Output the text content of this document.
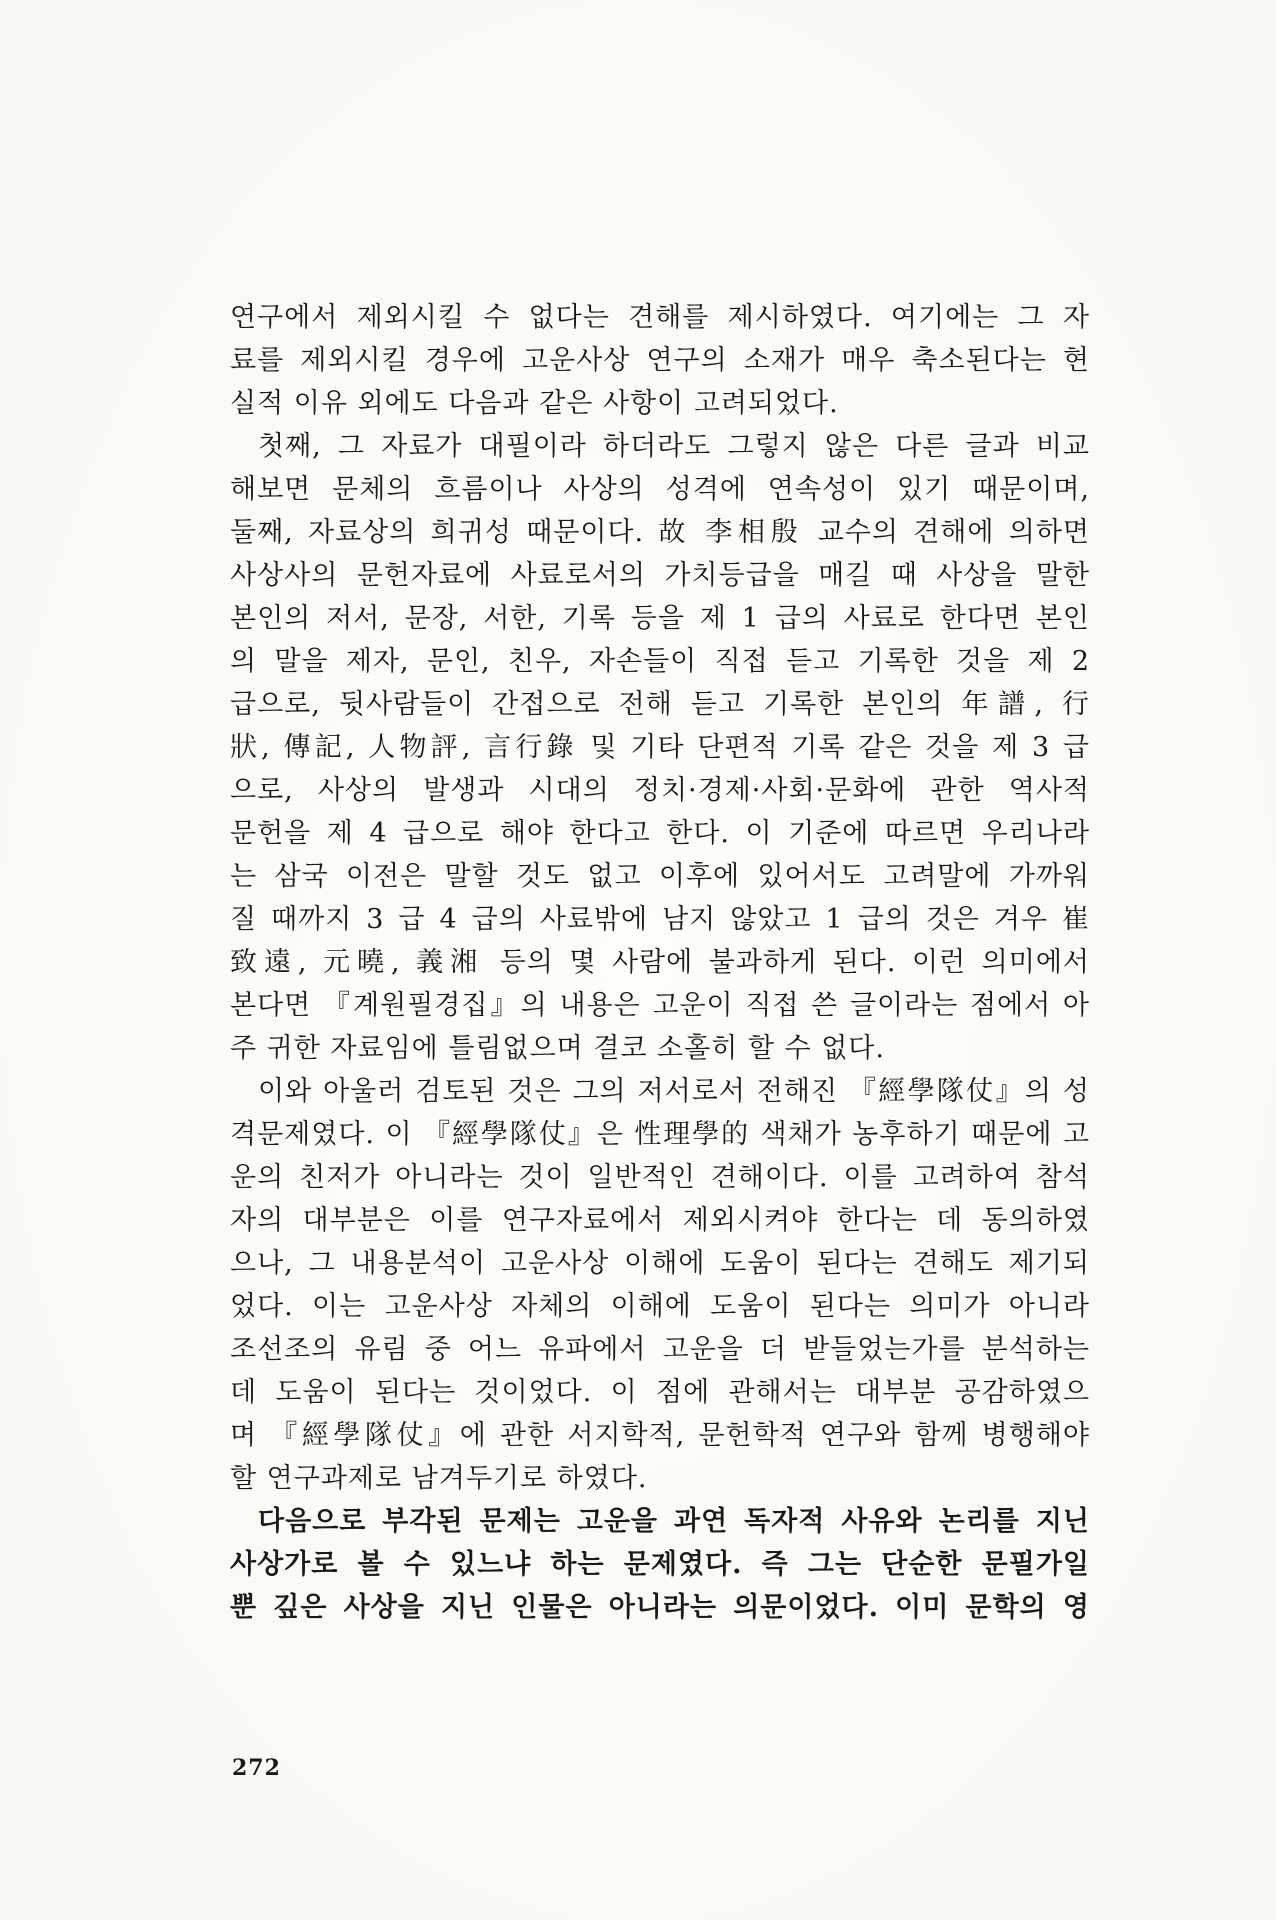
연구에서 제외시킬 수 없다는 견해를 제시하였다. 여기에는 그 자
료를 제외시킬 경우에 고운사상 연구의 소재가 매우 축소된다는 현
실적 이유 외에도 다음과 같은 사항이 고려되었다.
첫째, 그 자료가 대필이라 하더라도 그렇지 않은 다른 글과 비교
해보면 문체의 흐름이나 사상의 성격에 연속성이 있기 때문이며,
둘째, 자료상의 희귀성 때문이다. 故 李相殷 교수의 견해에 의하면
사상사의 문헌자료에 사료로서의 가치등급을 매길 때 사상을 말한
본인의 저서, 문장, 서한, 기록 등을 제 1 급의 사료로 한다면 본인
의 말을 제자, 문인, 친우, 자손들이 직접 듣고 기록한 것을 제 2
급으로, 뒷사람들이 간접으로 전해 듣고 기록한 본인의 年譜, 行
狀, 傳記, 人物評, 言行錄 및 기타 단편적 기록 같은 것을 제 3 급
으로, 사상의 발생과 시대의 정치·경제·사회·문화에 관한 역사적
문헌을 제 4 급으로 해야 한다고 한다. 이 기준에 따르면 우리나라
는 삼국 이전은 말할 것도 없고 이후에 있어서도 고려말에 가까워
질 때까지 3 급 4 급의 사료밖에 남지 않았고 1 급의 것은 겨우 崔
致遠, 元曉, 義湘 등의 몇 사람에 불과하게 된다. 이런 의미에서
본다면 『계원필경집』의 내용은 고운이 직접 쓴 글이라는 점에서 아
주 귀한 자료임에 틀림없으며 결코 소홀히 할 수 없다.
이와 아울러 검토된 것은 그의 저서로서 전해진 『經學隊仗』의 성
격문제였다. 이 『經學隊仗』은 性理學的 색채가 농후하기 때문에 고
운의 친저가 아니라는 것이 일반적인 견해이다. 이를 고려하여 참석
자의 대부분은 이를 연구자료에서 제외시켜야 한다는 데 동의하였
으나, 그 내용분석이 고운사상 이해에 도움이 된다는 견해도 제기되
었다. 이는 고운사상 자체의 이해에 도움이 된다는 의미가 아니라
조선조의 유림 중 어느 유파에서 고운을 더 받들었는가를 분석하는
데 도움이 된다는 것이었다. 이 점에 관해서는 대부분 공감하였으
며 『經學隊仗』에 관한 서지학적, 문헌학적 연구와 함께 병행해야
할 연구과제로 남겨두기로 하였다.
다음으로 부각된 문제는 고운을 과연 독자적 사유와 논리를 지닌
사상가로 볼 수 있느냐 하는 문제였다. 즉 그는 단순한 문필가일
뿐 깊은 사상을 지닌 인물은 아니라는 의문이었다. 이미 문학의 영
272
